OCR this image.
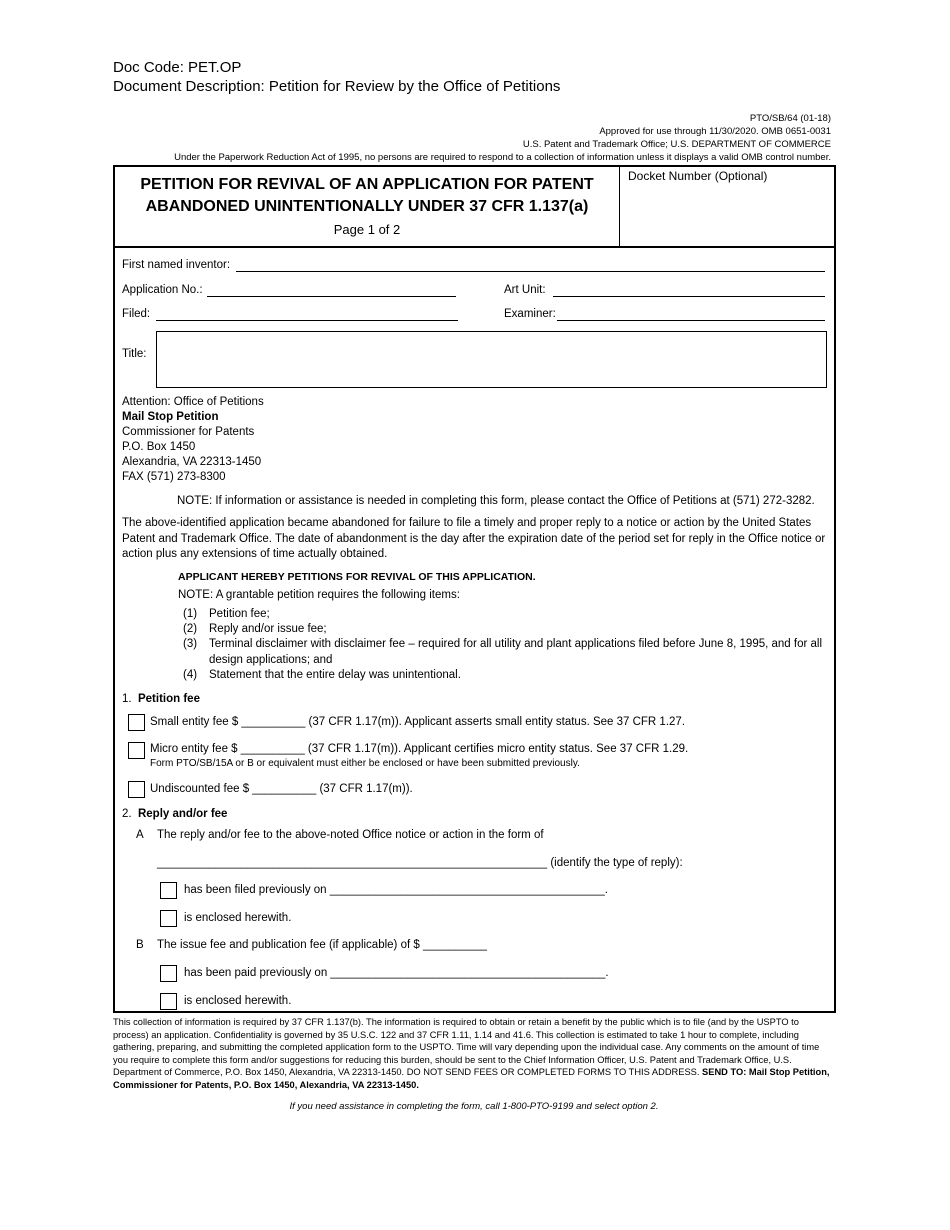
Doc Code: PET.OP
Document Description: Petition for Review by the Office of Petitions
PTO/SB/64 (01-18)
Approved for use through 11/30/2020. OMB 0651-0031
U.S. Patent and Trademark Office; U.S. DEPARTMENT OF COMMERCE
Under the Paperwork Reduction Act of 1995, no persons are required to respond to a collection of information unless it displays a valid OMB control number.
PETITION FOR REVIVAL OF AN APPLICATION FOR PATENT
ABANDONED UNINTENTIONALLY UNDER 37 CFR 1.137(a)
Page 1 of 2
Docket Number (Optional)
First named inventor:
Application No.:	Art Unit:
Filed:	Examiner:
Title:
Attention: Office of Petitions
Mail Stop Petition
Commissioner for Patents
P.O. Box 1450
Alexandria, VA 22313-1450
FAX (571) 273-8300
NOTE: If information or assistance is needed in completing this form, please contact the Office of Petitions at (571) 272-3282.
The above-identified application became abandoned for failure to file a timely and proper reply to a notice or action by the United States
Patent and Trademark Office. The date of abandonment is the day after the expiration date of the period set for reply in the Office notice or
action plus any extensions of time actually obtained.
APPLICANT HEREBY PETITIONS FOR REVIVAL OF THIS APPLICATION.
NOTE: A grantable petition requires the following items:
(1)	Petition fee;
(2)	Reply and/or issue fee;
(3)	Terminal disclaimer with disclaimer fee – required for all utility and plant applications filed before June 8, 1995, and for all
design applications; and
(4)	Statement that the entire delay was unintentional.
1. Petition fee
Small entity fee $ __________ (37 CFR 1.17(m)). Applicant asserts small entity status. See 37 CFR 1.27.
Micro entity fee $ __________ (37 CFR 1.17(m)). Applicant certifies micro entity status. See 37 CFR 1.29.
Form PTO/SB/15A or B or equivalent must either be enclosed or have been submitted previously.
Undiscounted fee $ __________ (37 CFR 1.17(m)).
2. Reply and/or fee
A The reply and/or fee to the above-noted Office notice or action in the form of
_____________________________________________________________ (identify the type of reply):
has been filed previously on ___________________________________________.
is enclosed herewith.
B The issue fee and publication fee (if applicable) of $ __________
has been paid previously on ___________________________________________.
is enclosed herewith.
This collection of information is required by 37 CFR 1.137(b). The information is required to obtain or retain a benefit by the public which is to file (and by the USPTO to process) an application. Confidentiality is governed by 35 U.S.C. 122 and 37 CFR 1.11, 1.14 and 41.6. This collection is estimated to take 1 hour to complete, including gathering, preparing, and submitting the completed application form to the USPTO. Time will vary depending upon the individual case. Any comments on the amount of time you require to complete this form and/or suggestions for reducing this burden, should be sent to the Chief Information Officer, U.S. Patent and Trademark Office, U.S. Department of Commerce, P.O. Box 1450, Alexandria, VA 22313-1450. DO NOT SEND FEES OR COMPLETED FORMS TO THIS ADDRESS. SEND TO: Mail Stop Petition, Commissioner for Patents, P.O. Box 1450, Alexandria, VA 22313-1450.
If you need assistance in completing the form, call 1-800-PTO-9199 and select option 2.
